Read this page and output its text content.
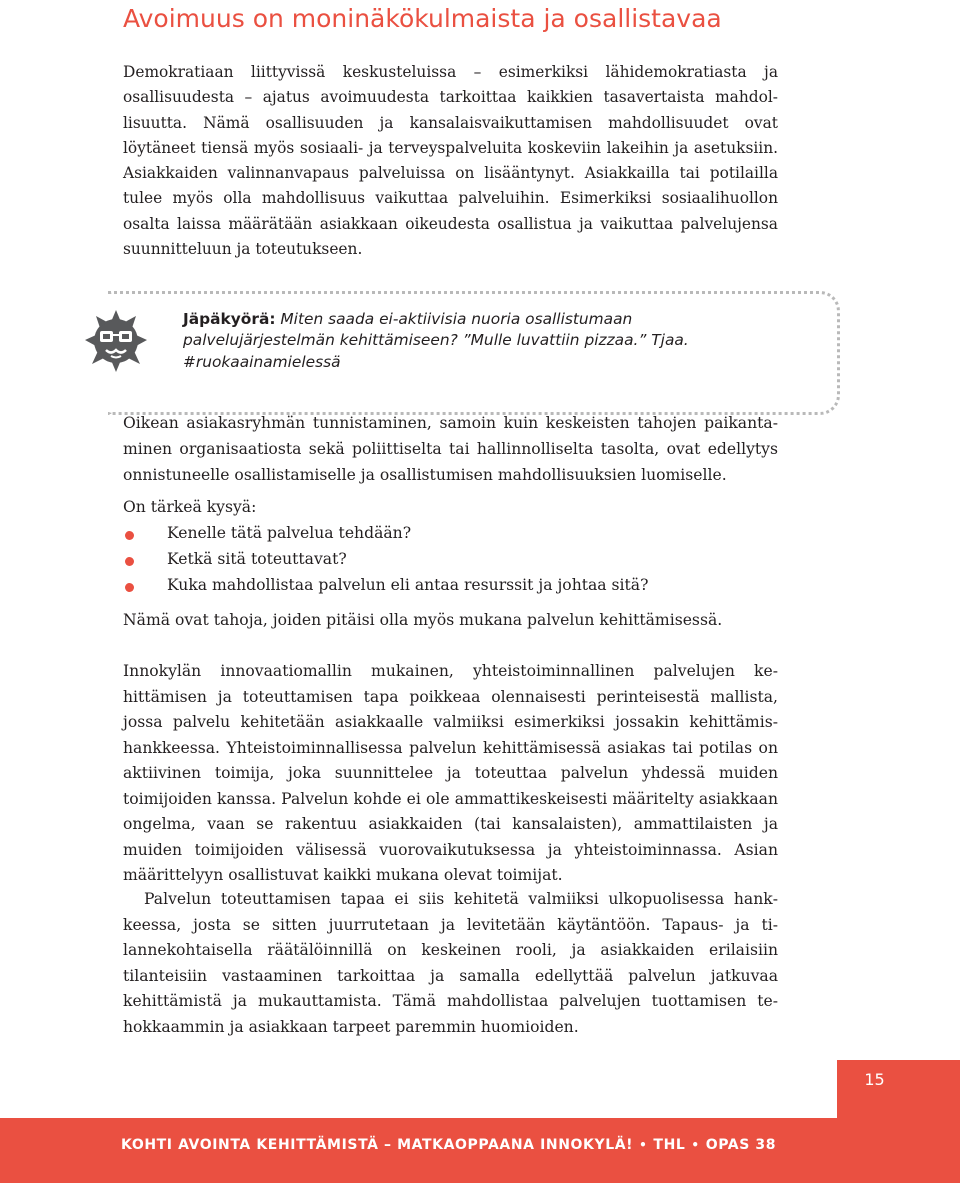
Avoimuus on moninäkökulmaista ja osallistavaa

Demokratiaan liittyvissä keskusteluissa – esimerkiksi lähidemokratiasta ja osallisuudesta – ajatus avoimuudesta tarkoittaa kaikkien tasavertaista mahdollisuutta. Nämä osallisuuden ja kansalaisvaikuttamisen mahdollisuudet ovat löytäneet tiensä myös sosiaali- ja terveyspalveluita koskeviin lakeihin ja asetuksiin. Asiakkaiden valinnanvapaus palveluissa on lisääntynyt. Asiakkailla tai potilailla tulee myös olla mahdollisuus vaikuttaa palveluihin. Esimerkiksi sosiaalihuollon osalta laissa määrätään asiakkaan oikeudesta osallistua ja vaikuttaa palvelujensa suunnitteluun ja toteutukseen.

Jäpäkyörä: Miten saada ei-aktiivisia nuoria osallistumaan palvelujärjestelmän kehittämiseen? ”Mulle luvattiin pizzaa.” Tjaa. #ruokaainamielessä

Oikean asiakasryhmän tunnistaminen, samoin kuin keskeisten tahojen paikantaminen organisaatiosta sekä poliittiselta tai hallinnolliselta tasolta, ovat edellytys onnistuneelle osallistamiselle ja osallistumisen mahdollisuuksien luomiselle.

On tärkeä kysyä:

Kenelle tätä palvelua tehdään?
Ketkä sitä toteuttavat?
Kuka mahdollistaa palvelun eli antaa resurssit ja johtaa sitä?

Nämä ovat tahoja, joiden pitäisi olla myös mukana palvelun kehittämisessä.

Innokylän innovaatiomallin mukainen, yhteistoiminnallinen palvelujen kehittämisen ja toteuttamisen tapa poikkeaa olennaisesti perinteisestä mallista, jossa palvelu kehitetään asiakkaalle valmiiksi esimerkiksi jossakin kehittämishankkeessa. Yhteistoiminnallisessa palvelun kehittämisessä asiakas tai potilas on aktiivinen toimija, joka suunnittelee ja toteuttaa palvelun yhdessä muiden toimijoiden kanssa. Palvelun kohde ei ole ammattikeskeisesti määritelty asiakkaan ongelma, vaan se rakentuu asiakkaiden (tai kansalaisten), ammattilaisten ja muiden toimijoiden välisessä vuorovaikutuksessa ja yhteistoiminnassa. Asian määrittelyyn osallistuvat kaikki mukana olevat toimijat.

Palvelun toteuttamisen tapaa ei siis kehitetä valmiiksi ulkopuolisessa hankkeessa, josta se sitten juurrutetaan ja levitetään käytäntöön. Tapaus- ja tilannekohtaisella räätälöinnillä on keskeinen rooli, ja asiakkaiden erilaisiin tilanteisiin vastaaminen tarkoittaa ja samalla edellyttää palvelun jatkuvaa kehittämistä ja mukauttamista. Tämä mahdollistaa palvelujen tuottamisen tehokkaammin ja asiakkaan tarpeet paremmin huomioiden.

15
KOHTI AVOINTA KEHITTÄMISTÄ – MATKAOPPAANA INNOKYLÄ! • THL • OPAS 38
